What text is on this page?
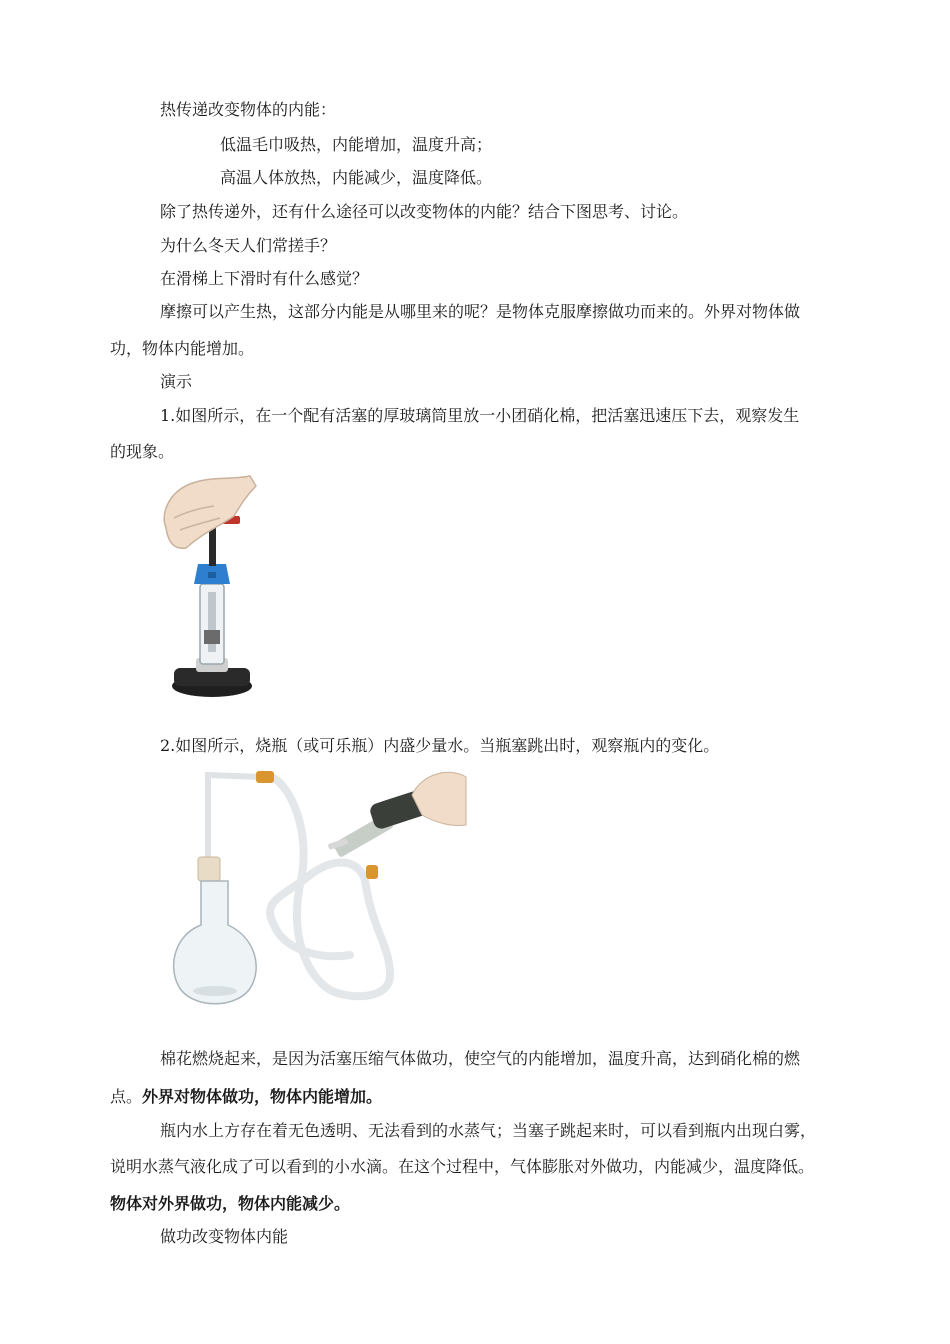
热传递改变物体的内能：
低温毛巾吸热，内能增加，温度升高；
高温人体放热，内能减少，温度降低。
除了热传递外，还有什么途径可以改变物体的内能？结合下图思考、讨论。
为什么冬天人们常搓手？
在滑梯上下滑时有什么感觉？
摩擦可以产生热，这部分内能是从哪里来的呢？是物体克服摩擦做功而来的。外界对物体做
功，物体内能增加。
演示
1.如图所示，在一个配有活塞的厚玻璃筒里放一小团硝化棉，把活塞迅速压下去，观察发生
的现象。
2.如图所示，烧瓶（或可乐瓶）内盛少量水。当瓶塞跳出时，观察瓶内的变化。
棉花燃烧起来，是因为活塞压缩气体做功，使空气的内能增加，温度升高，达到硝化棉的燃
点。外界对物体做功，物体内能增加。
瓶内水上方存在着无色透明、无法看到的水蒸气；当塞子跳起来时，可以看到瓶内出现白雾，
说明水蒸气液化成了可以看到的小水滴。在这个过程中，气体膨胀对外做功，内能减少，温度降低。
物体对外界做功，物体内能减少。
做功改变物体内能
